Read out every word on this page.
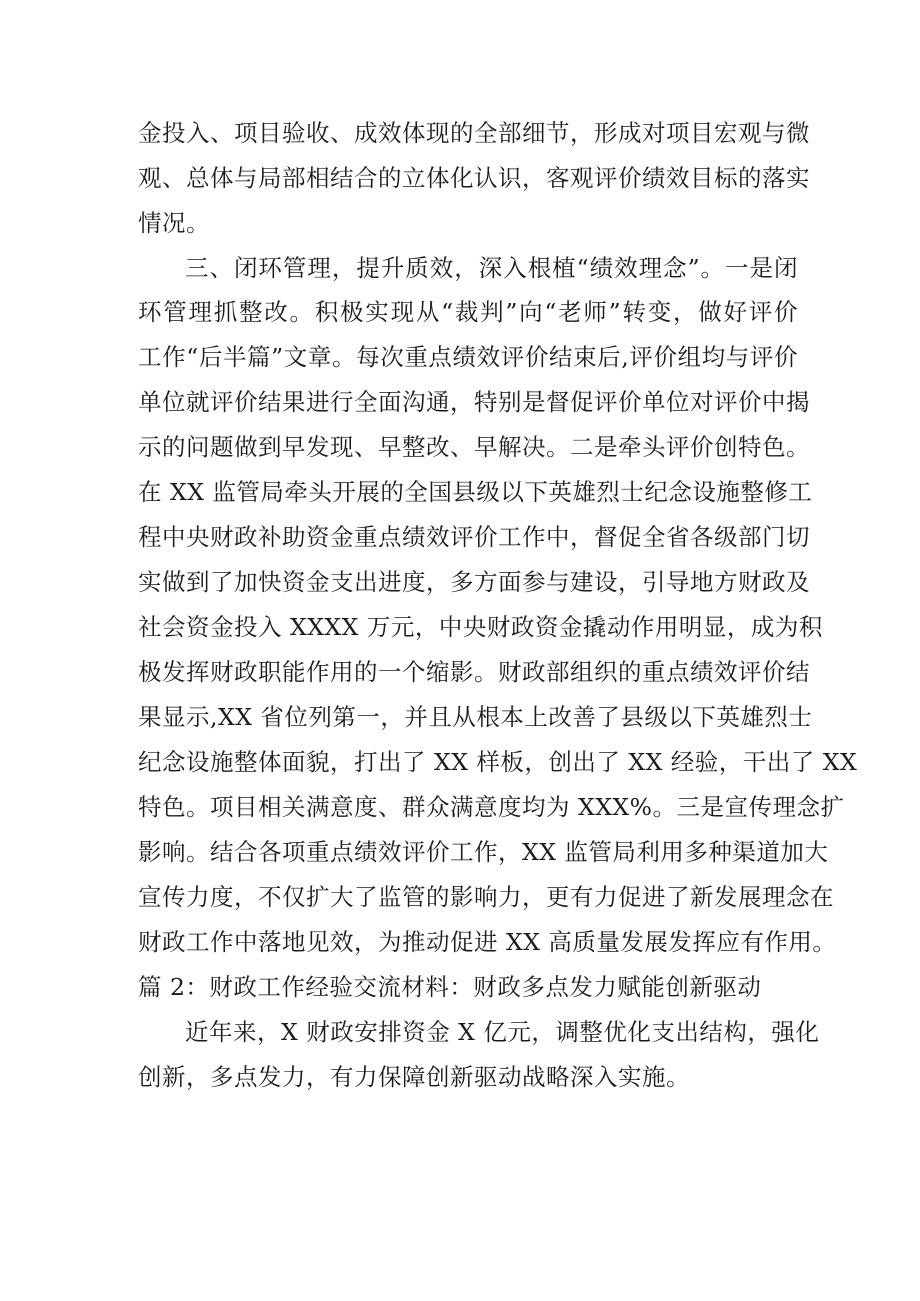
金投入、项目验收、成效体现的全部细节，形成对项目宏观与微
观、总体与局部相结合的立体化认识，客观评价绩效目标的落实
情况。
三、闭环管理，提升质效，深入根植“绩效理念”。一是闭
环管理抓整改。积极实现从“裁判”向“老师”转变，做好评价
工作“后半篇”文章。每次重点绩效评价结束后,评价组均与评价
单位就评价结果进行全面沟通，特别是督促评价单位对评价中揭
示的问题做到早发现、早整改、早解决。二是牵头评价创特色。
在 XX 监管局牵头开展的全国县级以下英雄烈士纪念设施整修工
程中央财政补助资金重点绩效评价工作中，督促全省各级部门切
实做到了加快资金支出进度，多方面参与建设，引导地方财政及
社会资金投入 XXXX 万元，中央财政资金撬动作用明显，成为积
极发挥财政职能作用的一个缩影。财政部组织的重点绩效评价结
果显示,XX 省位列第一，并且从根本上改善了县级以下英雄烈士
纪念设施整体面貌，打出了 XX 样板，创出了 XX 经验，干出了 XX
特色。项目相关满意度、群众满意度均为 XXX%。三是宣传理念扩
影响。结合各项重点绩效评价工作，XX 监管局利用多种渠道加大
宣传力度，不仅扩大了监管的影响力，更有力促进了新发展理念在
财政工作中落地见效，为推动促进 XX 高质量发展发挥应有作用。
篇 2：财政工作经验交流材料：财政多点发力赋能创新驱动
近年来，X 财政安排资金 X 亿元，调整优化支出结构，强化
创新，多点发力，有力保障创新驱动战略深入实施。
